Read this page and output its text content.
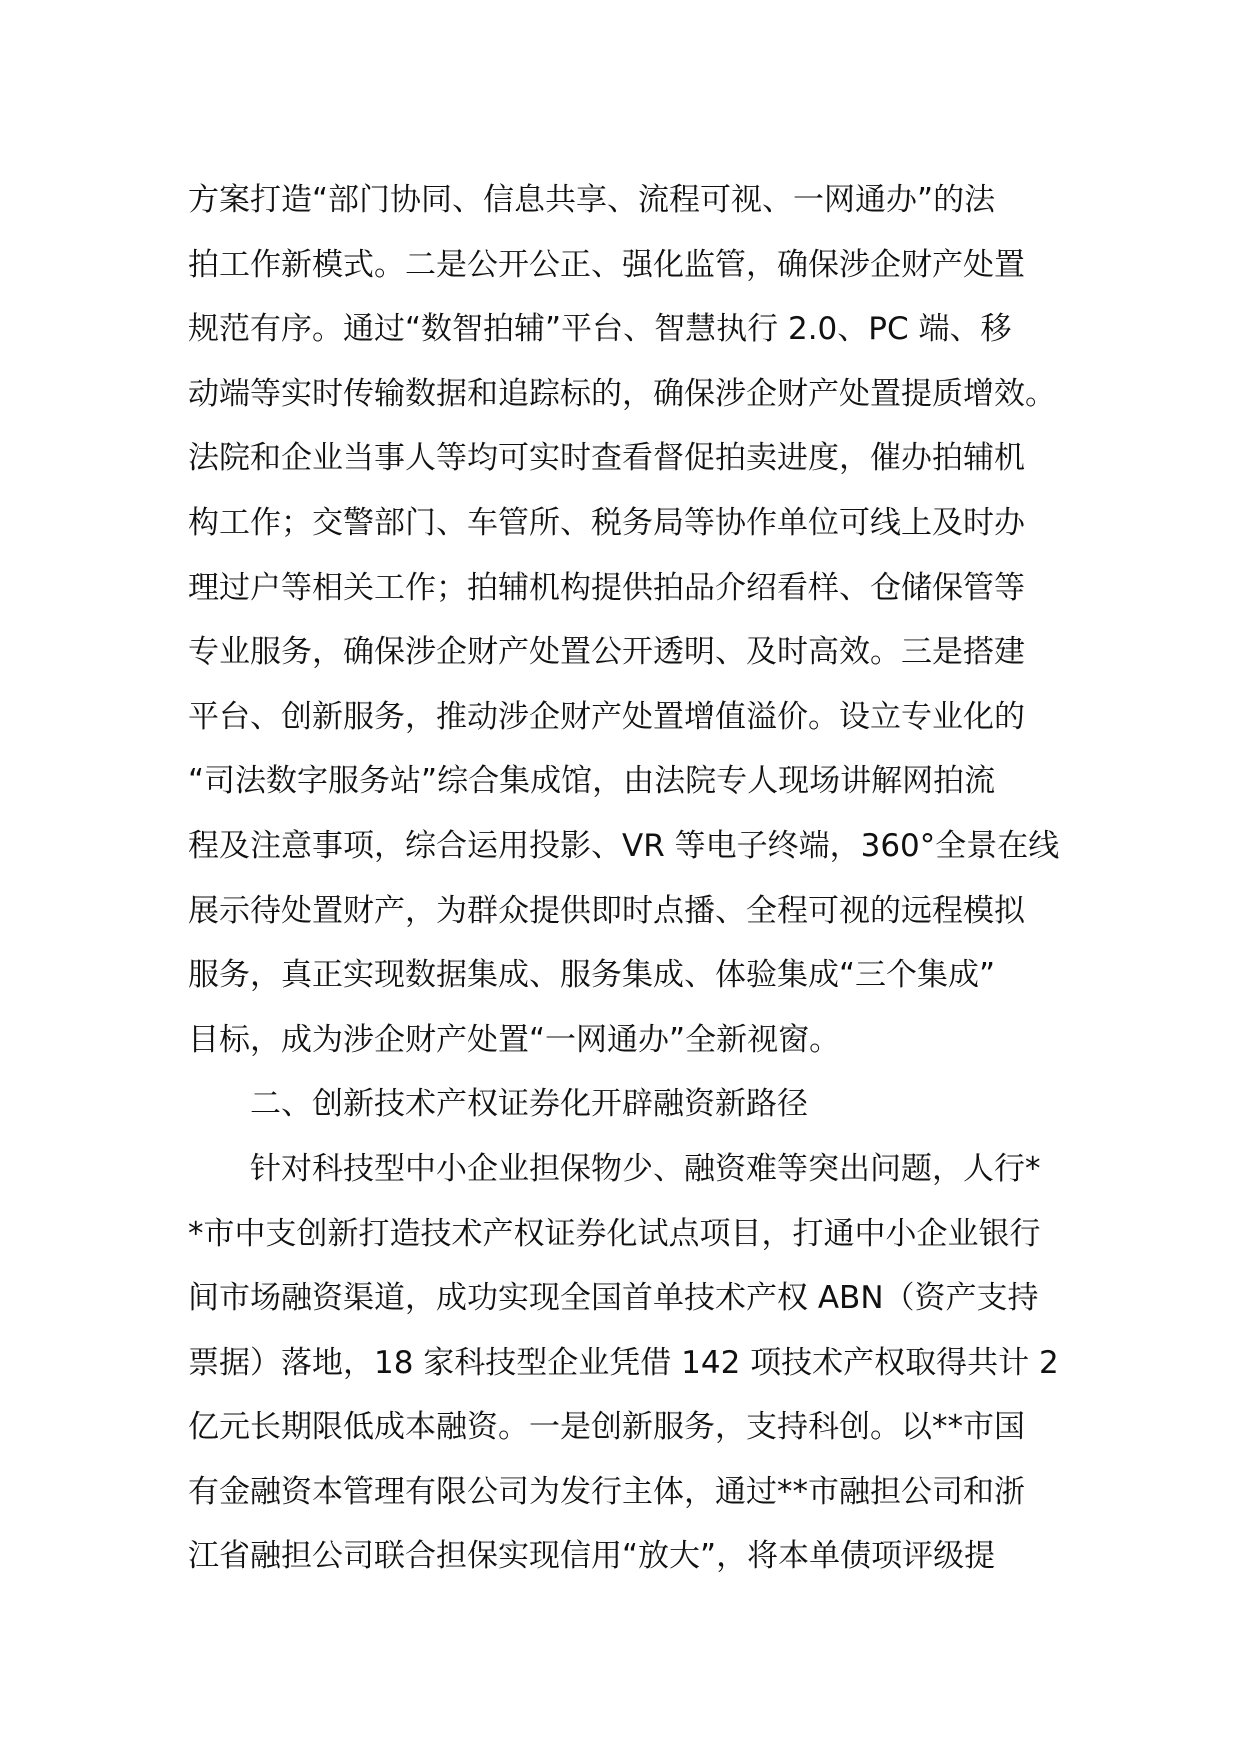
方案打造“部门协同、信息共享、流程可视、一网通办”的法
拍工作新模式。二是公开公正、强化监管，确保涉企财产处置
规范有序。通过“数智拍辅”平台、智慧执行 2.0、PC 端、移
动端等实时传输数据和追踪标的，确保涉企财产处置提质增效。
法院和企业当事人等均可实时查看督促拍卖进度，催办拍辅机
构工作；交警部门、车管所、税务局等协作单位可线上及时办
理过户等相关工作；拍辅机构提供拍品介绍看样、仓储保管等
专业服务，确保涉企财产处置公开透明、及时高效。三是搭建
平台、创新服务，推动涉企财产处置增值溢价。设立专业化的
“司法数字服务站”综合集成馆，由法院专人现场讲解网拍流
程及注意事项，综合运用投影、VR 等电子终端，360°全景在线
展示待处置财产，为群众提供即时点播、全程可视的远程模拟
服务，真正实现数据集成、服务集成、体验集成“三个集成”
目标，成为涉企财产处置“一网通办”全新视窗。
二、创新技术产权证券化开辟融资新路径
针对科技型中小企业担保物少、融资难等突出问题，人行*
*市中支创新打造技术产权证券化试点项目，打通中小企业银行
间市场融资渠道，成功实现全国首单技术产权 ABN（资产支持
票据）落地，18 家科技型企业凭借 142 项技术产权取得共计 2
亿元长期限低成本融资。一是创新服务，支持科创。以**市国
有金融资本管理有限公司为发行主体，通过**市融担公司和浙
江省融担公司联合担保实现信用“放大”，将本单债项评级提
